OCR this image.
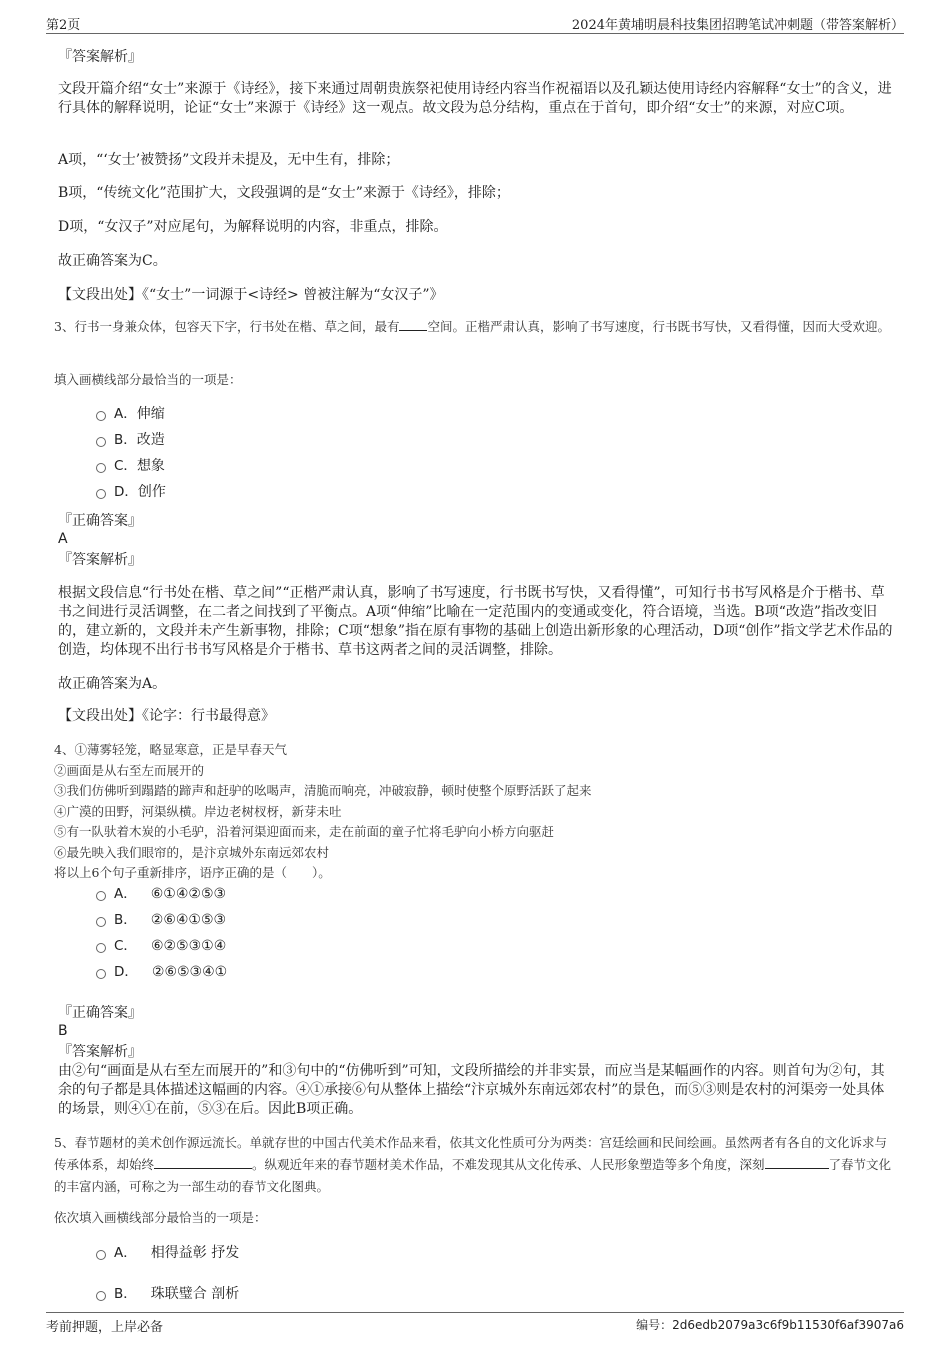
第2页	2024年黄埔明晨科技集团招聘笔试冲刺题（带答案解析）
『答案解析』
文段开篇介绍“女士”来源于《诗经》，接下来通过周朝贵族祭祀使用诗经内容当作祝福语以及孔颖达使用诗经内容解释“女士”的含义，进行具体的解释说明，论证“女士”来源于《诗经》这一观点。故文段为总分结构，重点在于首句，即介绍“女士”的来源，对应C项。
A项，“‘女士’被赞扬”文段并未提及，无中生有，排除；
B项，“传统文化”范围扩大，文段强调的是“女士”来源于《诗经》，排除；
D项，“女汉子”对应尾句，为解释说明的内容，非重点，排除。
故正确答案为C。
【文段出处】《“女士”一词源于<诗经> 曾被注解为“女汉子”》
3、行书一身兼众体，包容天下字，行书处在楷、草之间，最有 空间。正楷严肃认真，影响了书写速度，行书既书写快，又看得懂，因而大受欢迎。
填入画横线部分最恰当的一项是：
A． 伸缩
B． 改造
C． 想象
D． 创作
『正确答案』
A
『答案解析』
根据文段信息“行书处在楷、草之间”“正楷严肃认真，影响了书写速度，行书既书写快，又看得懂”，可知行书书写风格是介于楷书、草书之间进行灵活调整，在二者之间找到了平衡点。A项“伸缩”比喻在一定范围内的变通或变化，符合语境，当选。B项“改造”指改变旧的，建立新的，文段并未产生新事物，排除；C项“想象”指在原有事物的基础上创造出新形象的心理活动，D项“创作”指文学艺术作品的创造，均体现不出行书书写风格是介于楷书、草书这两者之间的灵活调整，排除。
故正确答案为A。
【文段出处】《论字：行书最得意》
4、①薄雾轻笼，略显寒意，正是早春天气
②画面是从右至左而展开的
③我们仿佛听到蹋踏的蹄声和赶驴的吆喝声，清脆而响亮，冲破寂静，顿时使整个原野活跃了起来
④广漠的田野，河渠纵横。岸边老树杈枒，新芽未吐
⑤有一队驮着木炭的小毛驴，沿着河渠迎面而来，走在前面的童子忙将毛驴向小桥方向驱赶
⑥最先映入我们眼帘的，是汴京城外东南远郊农村
将以上6个句子重新排序，语序正确的是（　　）。
A． ⑥①④②⑤③
B． ②⑥④①⑤③
C． ⑥②⑤③①④
D． ②⑥⑤③④①
『正确答案』
B
『答案解析』
由②句“画面是从右至左而展开的”和③句中的“仿佛听到”可知，文段所描绘的并非实景，而应当是某幅画作的内容。则首句为②句，其余的句子都是具体描述这幅画的内容。④①承接⑥句从整体上描绘“汴京城外东南远郊农村”的景色，而⑤③则是农村的河渠旁一处具体的场景，则④①在前，⑤③在后。因此B项正确。
5、春节题材的美术创作源远流长。单就存世的中国古代美术作品来看，依其文化性质可分为两类：宫廷绘画和民间绘画。虽然两者有各自的文化诉求与传承体系，却始终	。纵观近年来的春节题材美术作品，不难发现其从文化传承、人民形象塑造等多个角度，深刻	了春节文化的丰富内涵，可称之为一部生动的春节文化图典。
依次填入画横线部分最恰当的一项是：
A． 相得益彰 抒发
B． 珠联璧合 剖析
考前押题，上岸必备	编号：2d6edb2079a3c6f9b11530f6af3907a6
